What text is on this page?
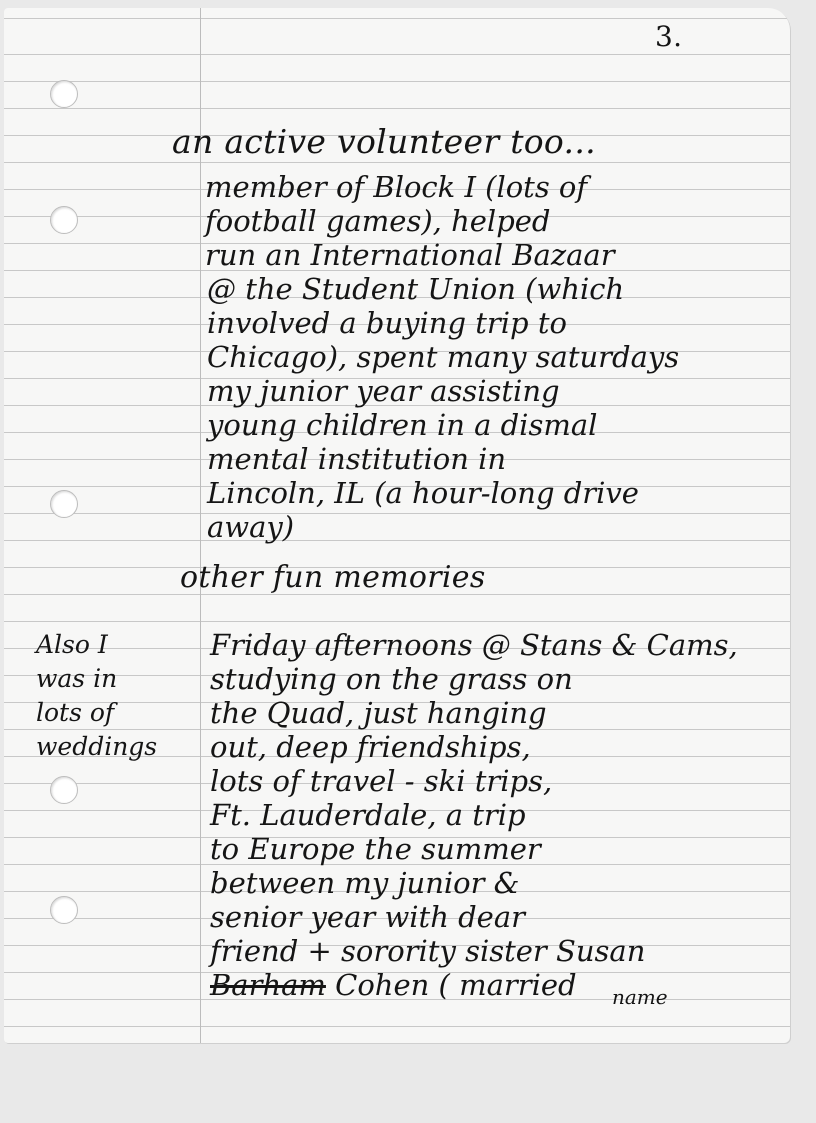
3.
an active volunteer too...
member of Block I (lots of
football games), helped
run an International Bazaar
@ the Student Union (which
involved a buying trip to
Chicago), spent many saturdays
my junior year assisting
young children in a dismal
mental institution in
Lincoln, IL (a hour-long drive
away)
other fun memories
Also I
was in
lots of
weddings
Friday afternoons @ Stans & Cams,
studying on the grass on
the Quad, just hanging
out, deep friendships,
lots of travel - ski trips,
Ft. Lauderdale, a trip
to Europe the summer
between my junior &
senior year with dear
friend + sorority sister Susan
Barham Cohen ( married	name
